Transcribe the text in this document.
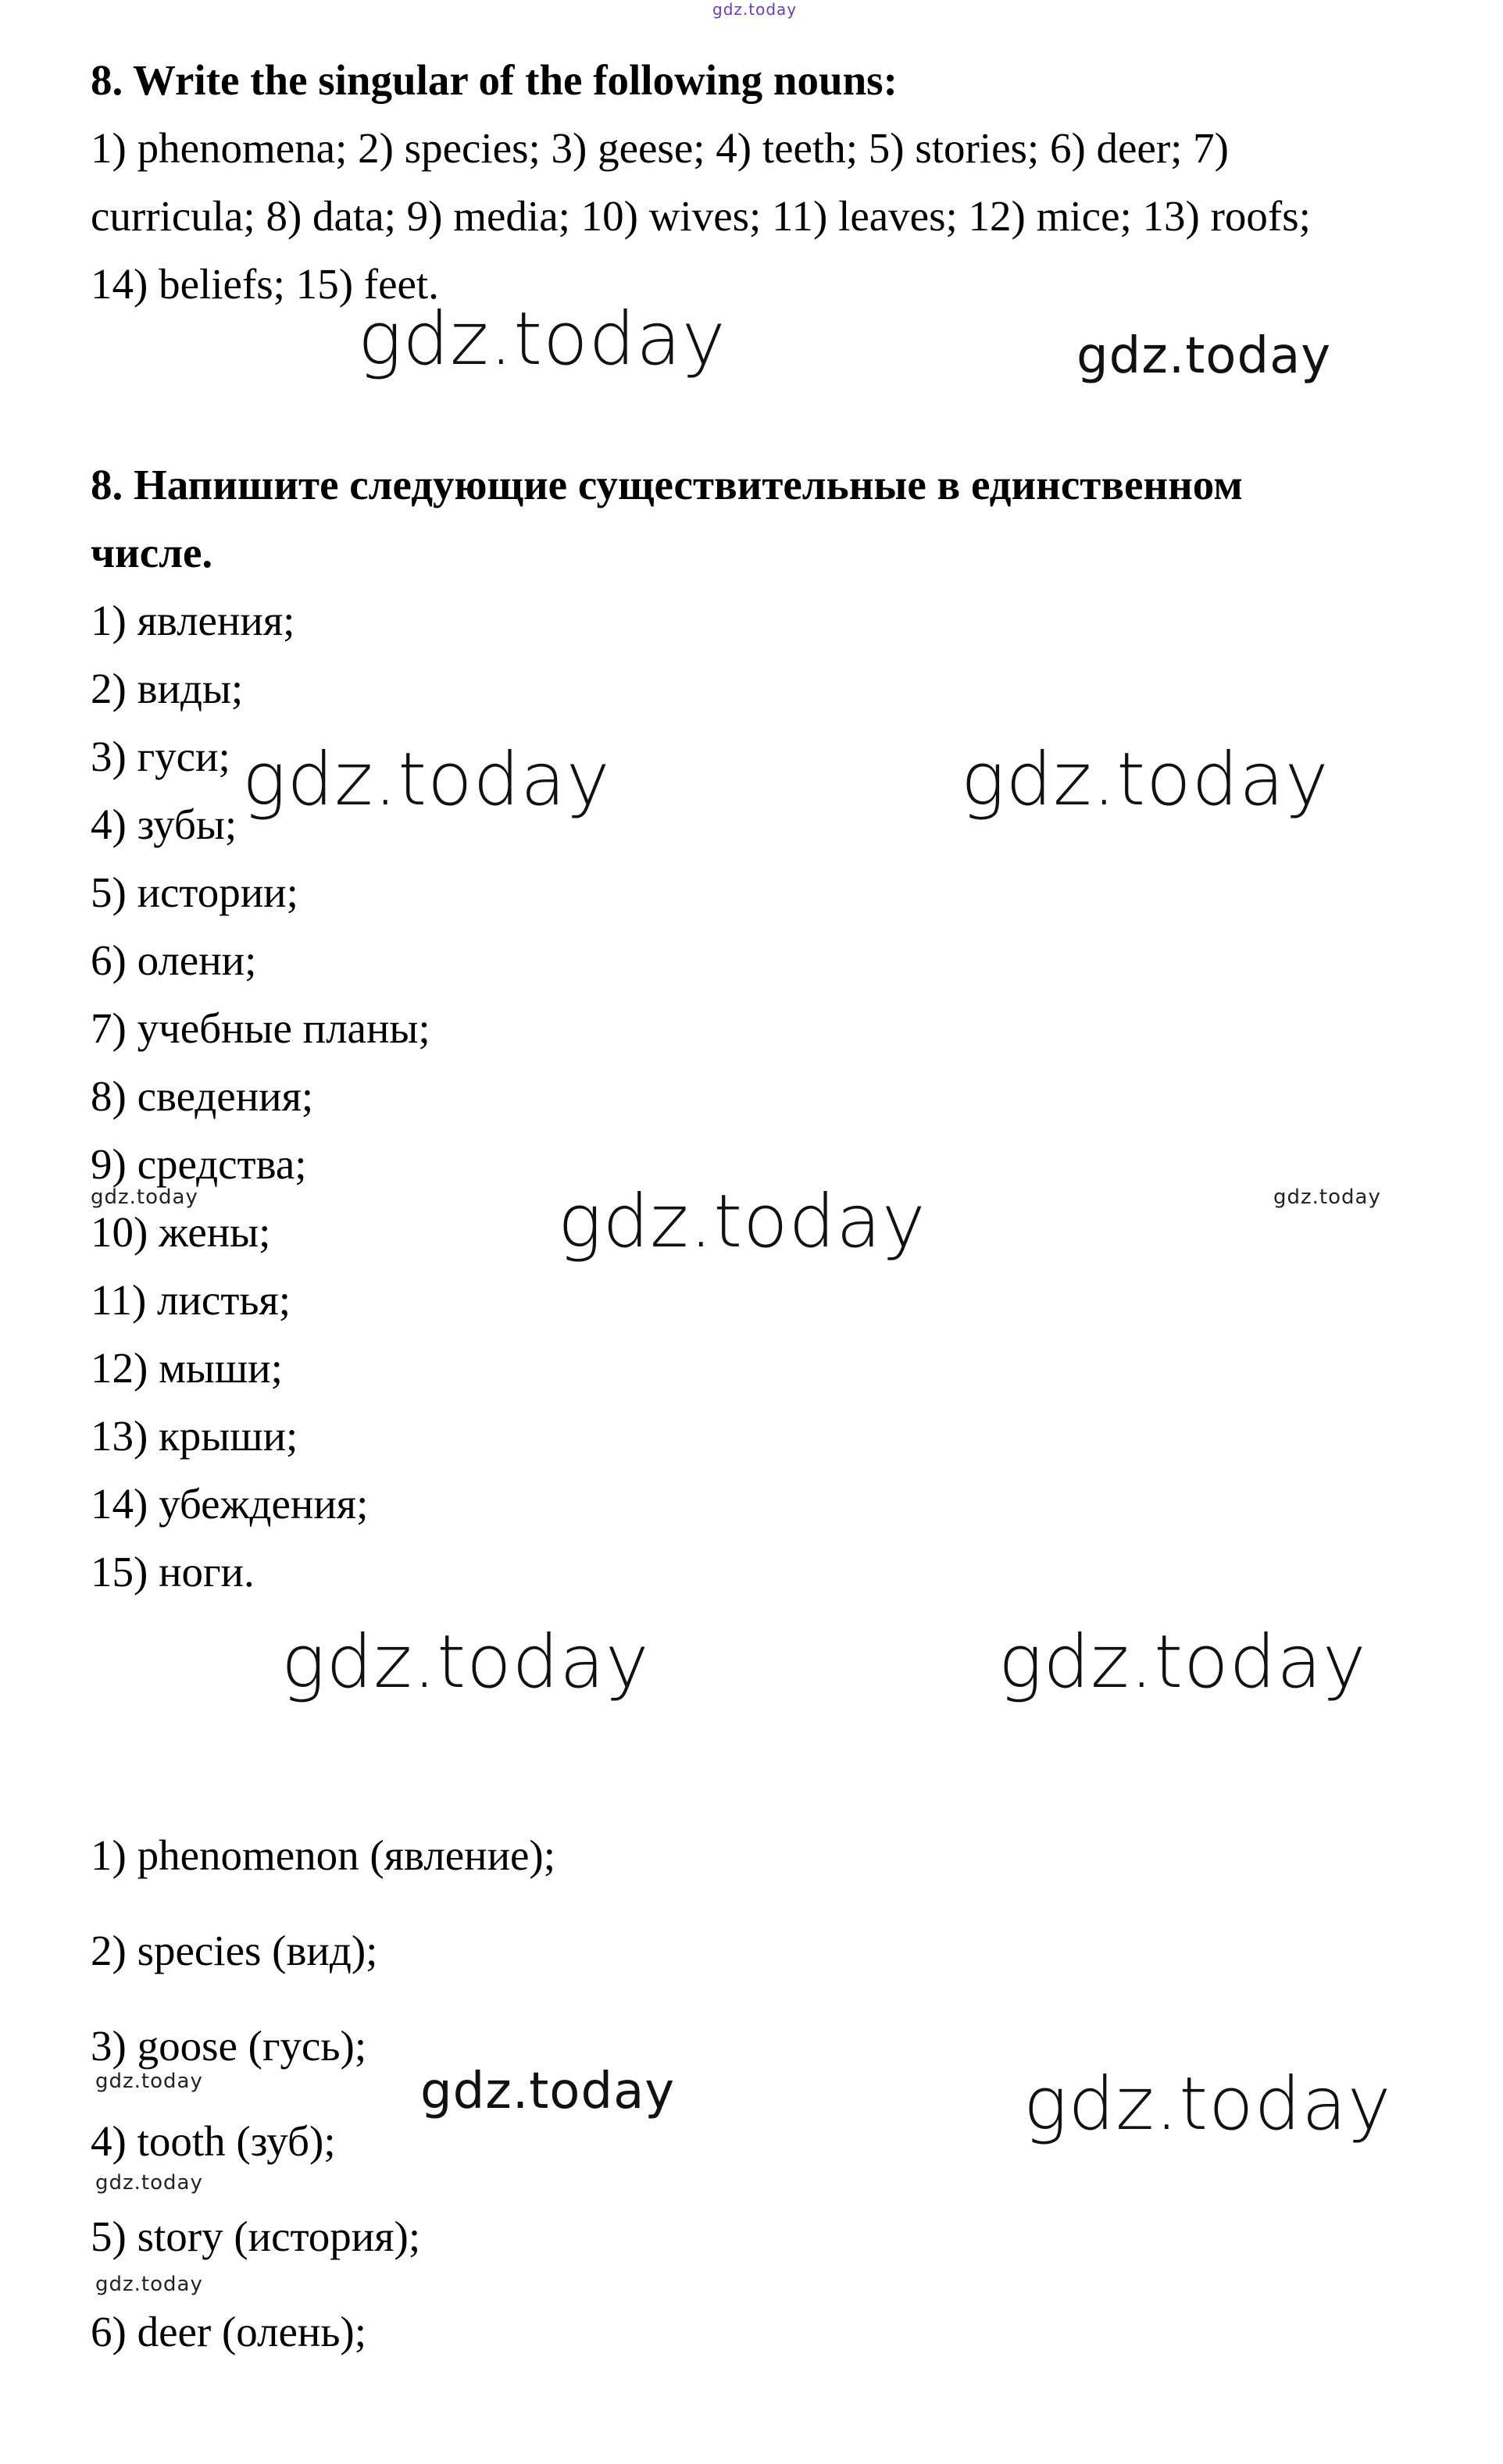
gdz.today
8. Write the singular of the following nouns:
1) phenomena; 2) species; 3) geese; 4) teeth; 5) stories; 6) deer; 7)
curricula; 8) data; 9) media; 10) wives; 11) leaves; 12) mice; 13) roofs;
14) beliefs; 15) feet.
gdz.today	gdz.today
8. Напишите следующие существительные в единственном
числе.
1) явления;
2) виды;
3) гуси;
4) зубы;
5) истории;
6) олени;
7) учебные планы;
8) сведения;
9) средства;
10) жены;
11) листья;
12) мыши;
13) крыши;
14) убеждения;
15) ноги.
gdz.today	gdz.today
gdz.today	gdz.today	gdz.today
gdz.today	gdz.today
1) phenomenon (явление);
2) species (вид);
3) goose (гусь);
4) tooth (зуб);
5) story (история);
6) deer (олень);
gdz.today	gdz.today	gdz.today
gdz.today
gdz.today
